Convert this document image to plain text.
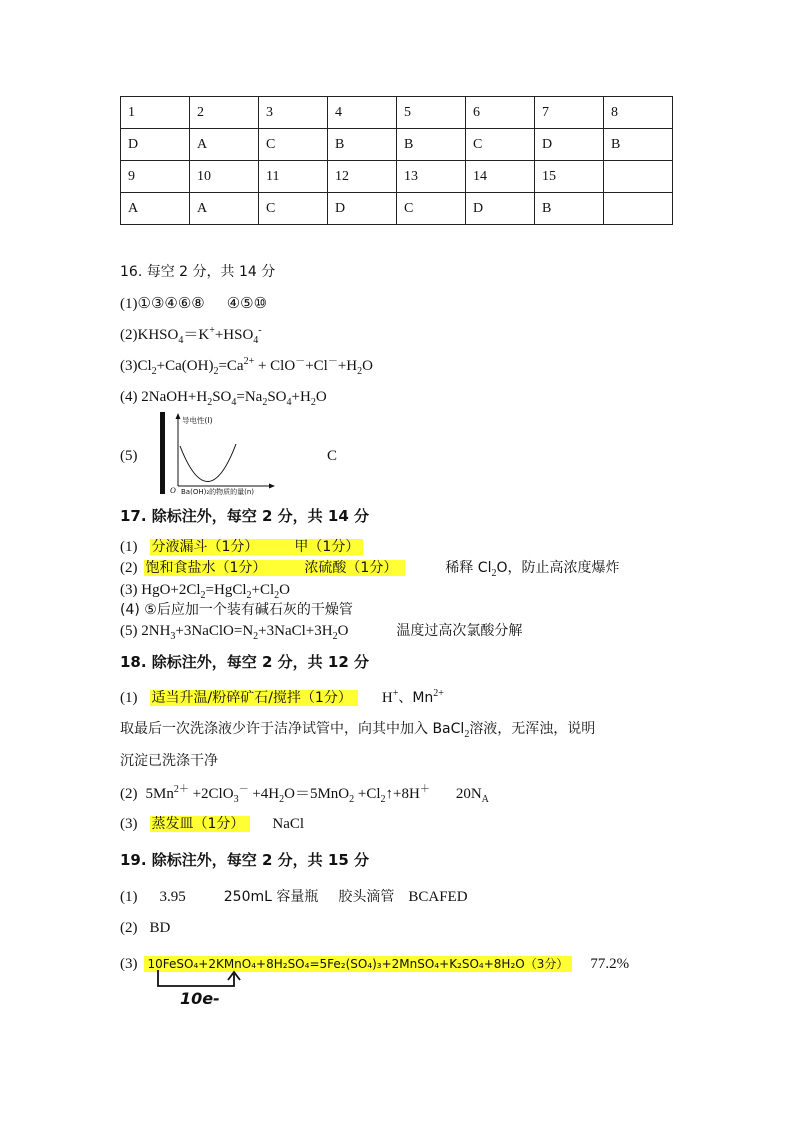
1	2	3	4	5	6	7	8
D	A	C	B	B	C	D	B
9	10	11	12	13	14	15	
A	A	C	D	C	D	B	
16. 每空 2 分，共 14 分
(1)①③④⑥⑧ ④⑤⑩
$(2)KHSO_4=K^++HSO_4^-$
$(3)Cl_2+Ca(OH)_2=Ca^{2+} + ClO^-+Cl^-+H_2O$
(4) $2NaOH+H_2SO_4=Na_2SO_4+H_2O$
(5)	C
导电性(I)
O Ba(OH)₂的物质的量(n)
17. 除标注外，每空 2 分，共 14 分
(1) 分液漏斗（1分）	甲（1分）
(2) 饱和食盐水（1分）	浓硫酸（1分）	稀释 $Cl_2O$，防止高浓度爆炸
(3) $HgO+2Cl_2=HgCl_2+Cl_2O$
(4) ⑤后应加一个装有碱石灰的干燥管
(5) $2NH_3+3NaClO=N_2+3NaCl+3H_2O$	温度过高次氯酸分解
18. 除标注外，每空 2 分，共 12 分
(1) 适当升温/粉碎矿石/搅拌（1分） H+、$Mn^{2+}$
取最后一次洗涤液少许于洁净试管中，向其中加入 BaCl$_2$溶液，无浑浊，说明
沉淀已洗涤干净
(2) $5Mn^{2+} +2ClO_3^- +4H_2O=5MnO_2$ $+Cl_2↑+8H^+$ $20N_A$
(3) 蒸发皿（1分） NaCl
19. 除标注外，每空 2 分，共 15 分
(1) 3.95	250mL 容量瓶 胶头滴管 BCAFED
(2) BD
(3) 10FeSO₄+2KMnO₄+8H₂SO₄=5Fe₂(SO₄)₃+2MnSO₄+K₂SO₄+8H₂O（3分） 77.2%
10e-
